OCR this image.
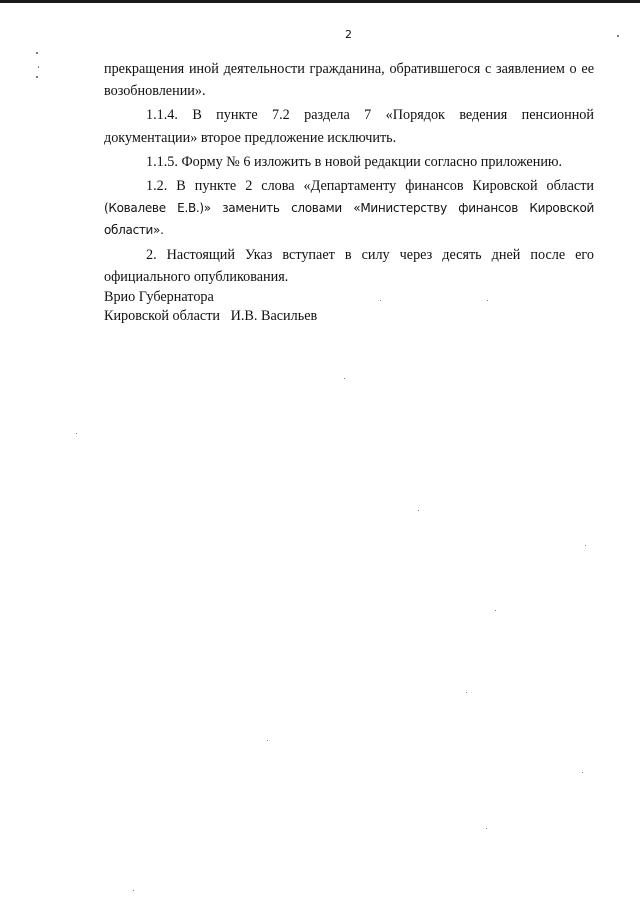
2

прекращения иной деятельности гражданина, обратившегося с заявлением о ее возобновлении».

1.1.4. В пункте 7.2 раздела 7 «Порядок ведения пенсионной документации» второе предложение исключить.

1.1.5. Форму № 6 изложить в новой редакции согласно приложению.

1.2. В пункте 2 слова «Департаменту финансов Кировской области (Ковалеве Е.В.)» заменить словами «Министерству финансов Кировской области».

2. Настоящий Указ вступает в силу через десять дней после его официального опубликования.

Врио Губернатора
Кировской области И.В. Васильев
